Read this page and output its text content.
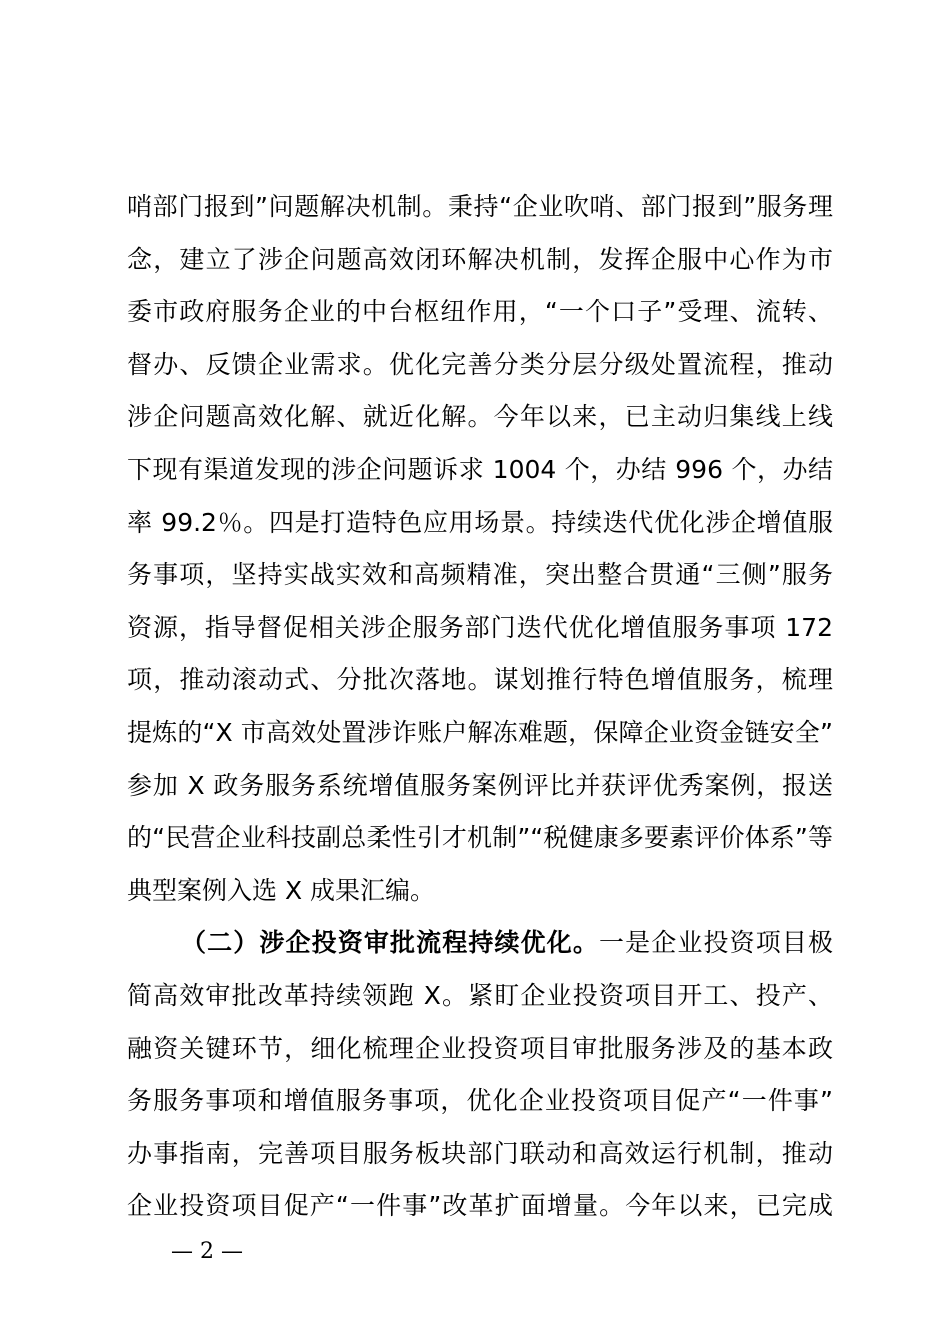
哨部门报到”问题解决机制。秉持“企业吹哨、部门报到”服务理
念，建立了涉企问题高效闭环解决机制，发挥企服中心作为市
委市政府服务企业的中台枢纽作用，“一个口子”受理、流转、
督办、反馈企业需求。优化完善分类分层分级处置流程，推动
涉企问题高效化解、就近化解。今年以来，已主动归集线上线
下现有渠道发现的涉企问题诉求 1004 个，办结 996 个，办结
率 99.2％。四是打造特色应用场景。持续迭代优化涉企增值服
务事项，坚持实战实效和高频精准，突出整合贯通“三侧”服务
资源，指导督促相关涉企服务部门迭代优化增值服务事项 172
项，推动滚动式、分批次落地。谋划推行特色增值服务，梳理
提炼的“X 市高效处置涉诈账户解冻难题，保障企业资金链安全”
参加 X 政务服务系统增值服务案例评比并获评优秀案例，报送
的“民营企业科技副总柔性引才机制”“税健康多要素评价体系”等
典型案例入选 X 成果汇编。
（二）涉企投资审批流程持续优化。一是企业投资项目极
简高效审批改革持续领跑 X。紧盯企业投资项目开工、投产、
融资关键环节，细化梳理企业投资项目审批服务涉及的基本政
务服务事项和增值服务事项，优化企业投资项目促产“一件事”
办事指南，完善项目服务板块部门联动和高效运行机制，推动
企业投资项目促产“一件事”改革扩面增量。今年以来，已完成
— 2 —
